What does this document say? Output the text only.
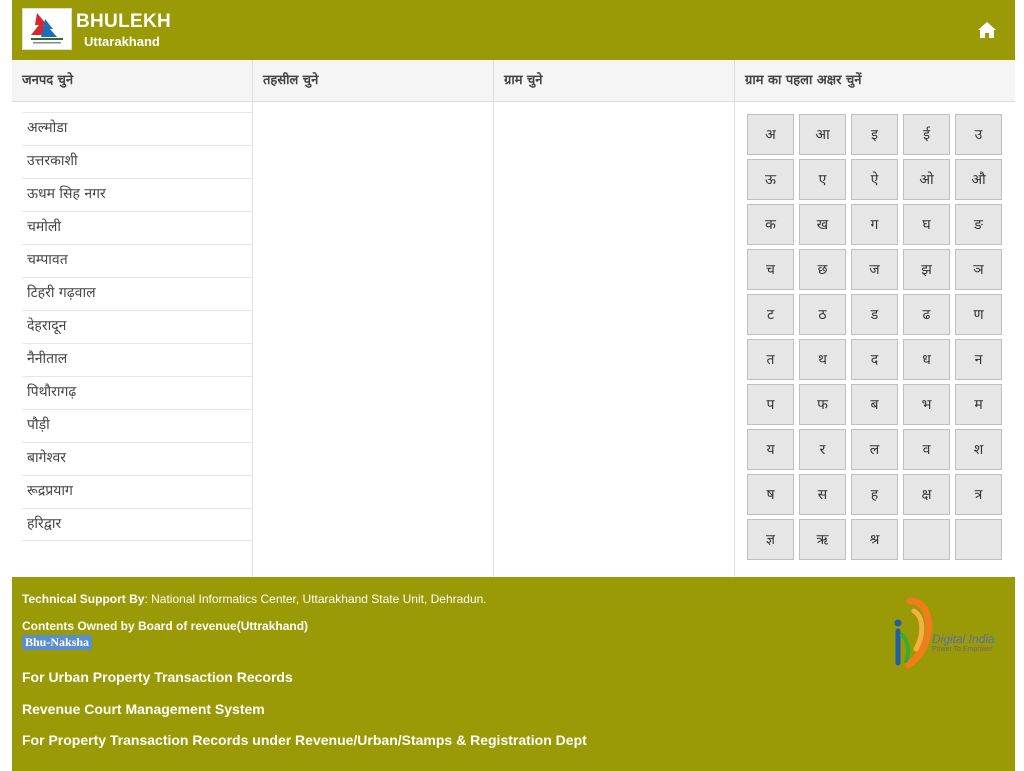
BHULEKH
Uttarakhand
जनपद चुने	तहसील चुने	ग्राम चुने	ग्राम का पहला अक्षर चुनें
अल्मोडा
उत्तरकाशी
ऊधम सिह नगर
चमोली
चम्पावत
टिहरी गढ़वाल
देहरादून
नैनीताल
पिथौरागढ़
पौड़ी
बागेश्वर
रूद्रप्रयाग
हरिद्वार
अ	आ	इ	ई	उ
ऊ	ए	ऐ	ओ	औ
क	ख	ग	घ	ङ
च	छ	ज	झ	ञ
ट	ठ	ड	ढ	ण
त	थ	द	ध	न
प	फ	ब	भ	म
य	र	ल	व	श
ष	स	ह	क्ष	त्र
ज्ञ	ऋ	श्र
Technical Support By: National Informatics Center, Uttarakhand State Unit, Dehradun.
Contents Owned by Board of revenue(Uttrakhand)
Bhu-Naksha
For Urban Property Transaction Records
Revenue Court Management System
For Property Transaction Records under Revenue/Urban/Stamps & Registration Dept
Digital India
Power To Empower
